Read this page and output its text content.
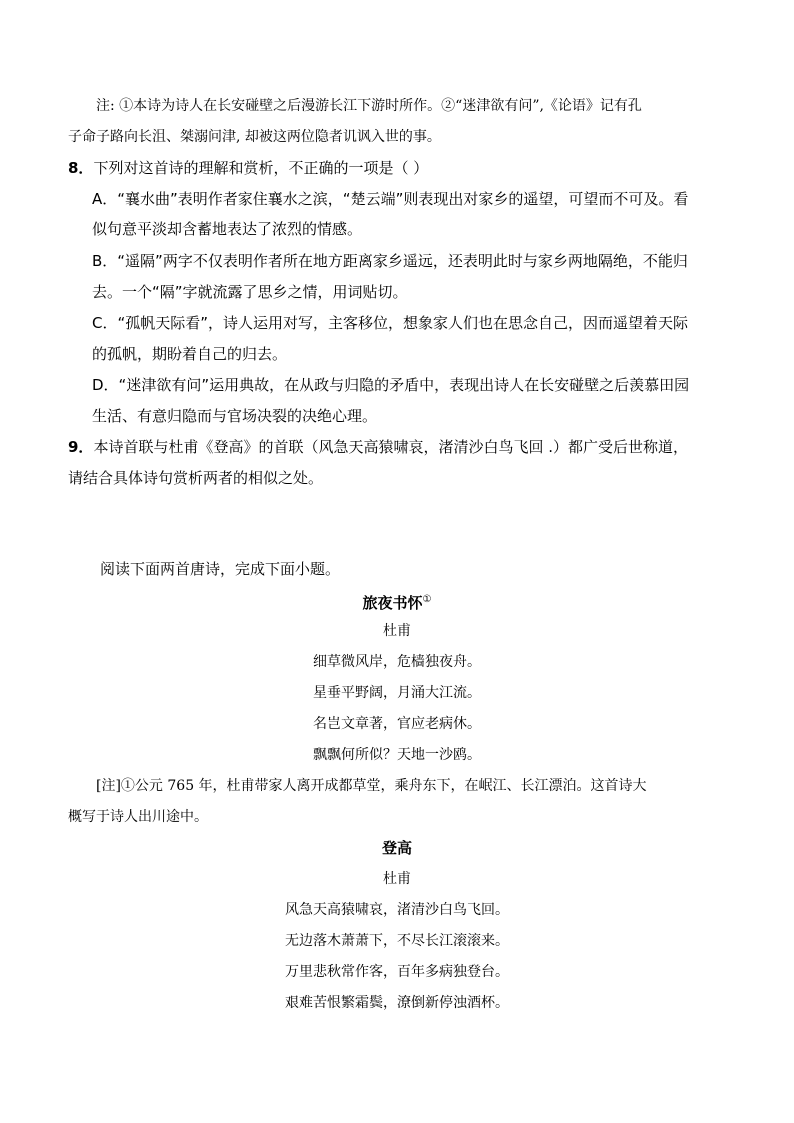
注: ①本诗为诗人在长安碰壁之后漫游长江下游时所作。②“迷津欲有问”,《论语》记有孔
子命子路向长沮、桀溺问津, 却被这两位隐者讥讽入世的事。
8．下列对这首诗的理解和赏析，不正确的一项是（ ）
A．“襄水曲”表明作者家住襄水之滨，“楚云端”则表现出对家乡的遥望，可望而不可及。看
似句意平淡却含蓄地表达了浓烈的情感。
B．“遥隔”两字不仅表明作者所在地方距离家乡遥远，还表明此时与家乡两地隔绝，不能归
去。一个“隔”字就流露了思乡之情，用词贴切。
C．“孤帆天际看”，诗人运用对写，主客移位，想象家人们也在思念自己，因而遥望着天际
的孤帆，期盼着自己的归去。
D．“迷津欲有问”运用典故，在从政与归隐的矛盾中，表现出诗人在长安碰壁之后羡慕田园
生活、有意归隐而与官场决裂的决绝心理。
9．本诗首联与杜甫《登高》的首联（风急天高猿啸哀，渚清沙白鸟飞回 .）都广受后世称道，
请结合具体诗句赏析两者的相似之处。
阅读下面两首唐诗，完成下面小题。
旅夜书怀①
杜甫
细草微风岸，危樯独夜舟。
星垂平野阔，月涌大江流。
名岂文章著，官应老病休。
飘飘何所似？天地一沙鸥。
[注]①公元 765 年，杜甫带家人离开成都草堂，乘舟东下，在岷江、长江漂泊。这首诗大
概写于诗人出川途中。
登高
杜甫
风急天高猿啸哀，渚清沙白鸟飞回。
无边落木萧萧下，不尽长江滚滚来。
万里悲秋常作客，百年多病独登台。
艰难苦恨繁霜鬓，潦倒新停浊酒杯。
